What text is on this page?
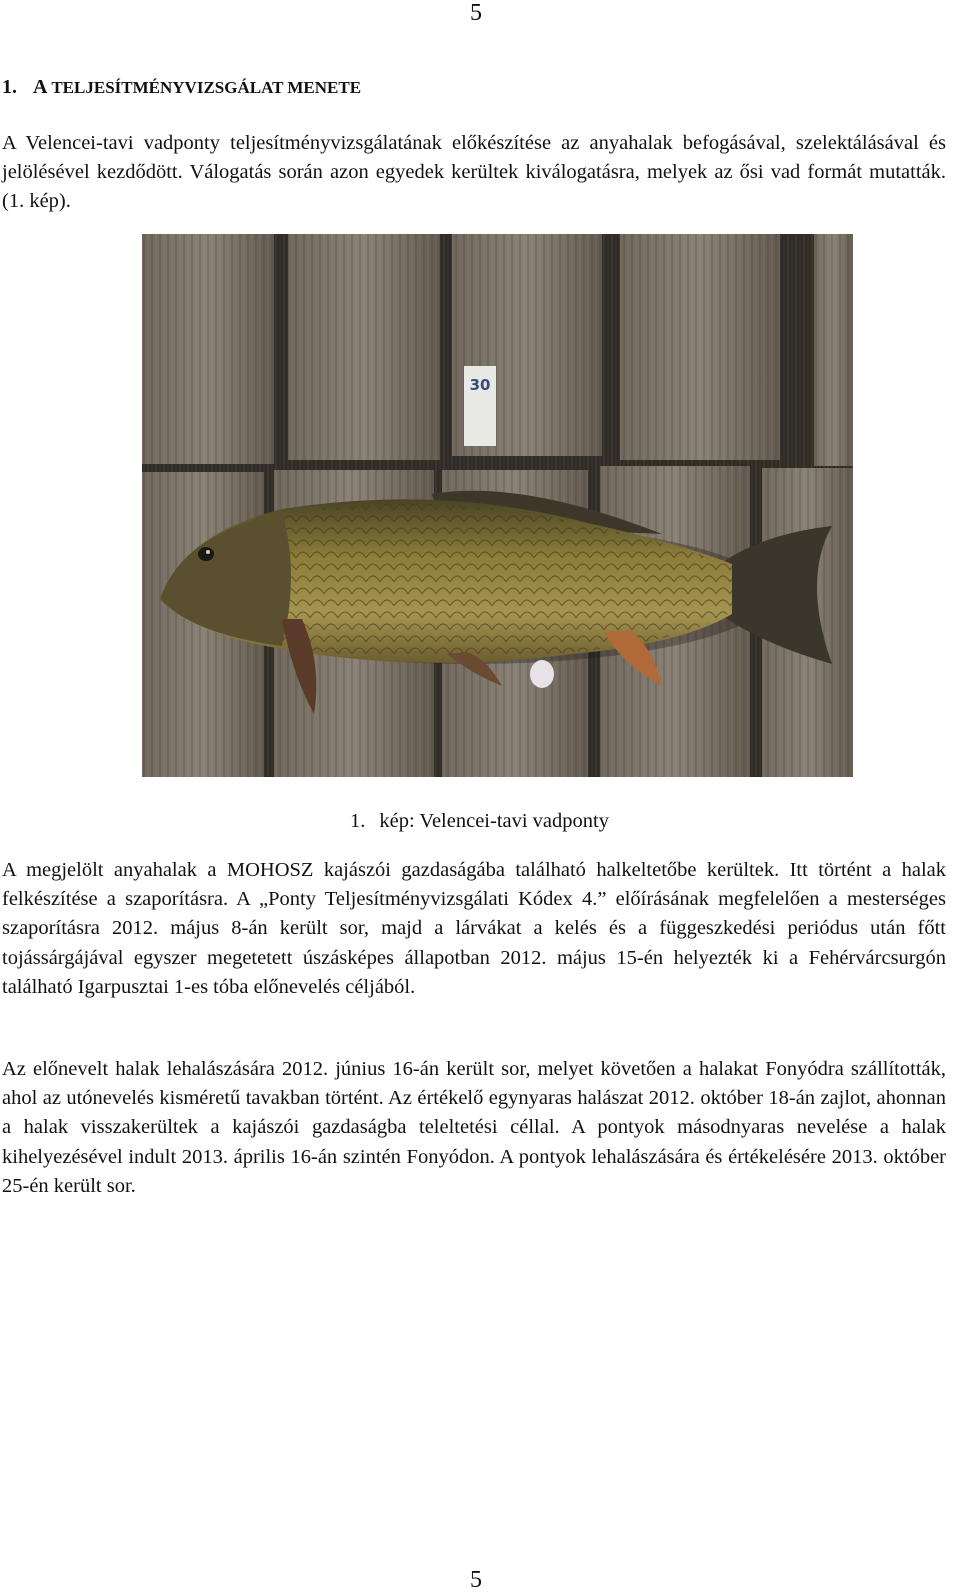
5
1. A TELJESÍTMÉNYVIZSGÁLAT MENETE

A Velencei-tavi vadponty teljesítményvizsgálatának előkészítése az anyahalak befogásával, szelektálásával és jelölésével kezdődött. Válogatás során azon egyedek kerültek kiválogatásra, melyek az ősi vad formát mutatták. (1. kép).

30
1. kép: Velencei-tavi vadponty

A megjelölt anyahalak a MOHOSZ kajászói gazdaságába található halkeltetőbe kerültek. Itt történt a halak felkészítése a szaporításra. A „Ponty Teljesítményvizsgálati Kódex 4.” előírásának megfelelően a mesterséges szaporításra 2012. május 8-án került sor, majd a lárvákat a kelés és a függeszkedési periódus után főtt tojássárgájával egyszer megetetett úszásképes állapotban 2012. május 15-én helyezték ki a Fehérvárcsurgón található Igarpusztai 1-es tóba előnevelés céljából.

Az előnevelt halak lehalászására 2012. június 16-án került sor, melyet követően a halakat Fonyódra szállították, ahol az utónevelés kisméretű tavakban történt. Az értékelő egynyaras halászat 2012. október 18-án zajlot, ahonnan a halak visszakerültek a kajászói gazdaságba teleltetési céllal. A pontyok másodnyaras nevelése a halak kihelyezésével indult 2013. április 16-án szintén Fonyódon. A pontyok lehalászására és értékelésére 2013. október 25-én került sor.

5
